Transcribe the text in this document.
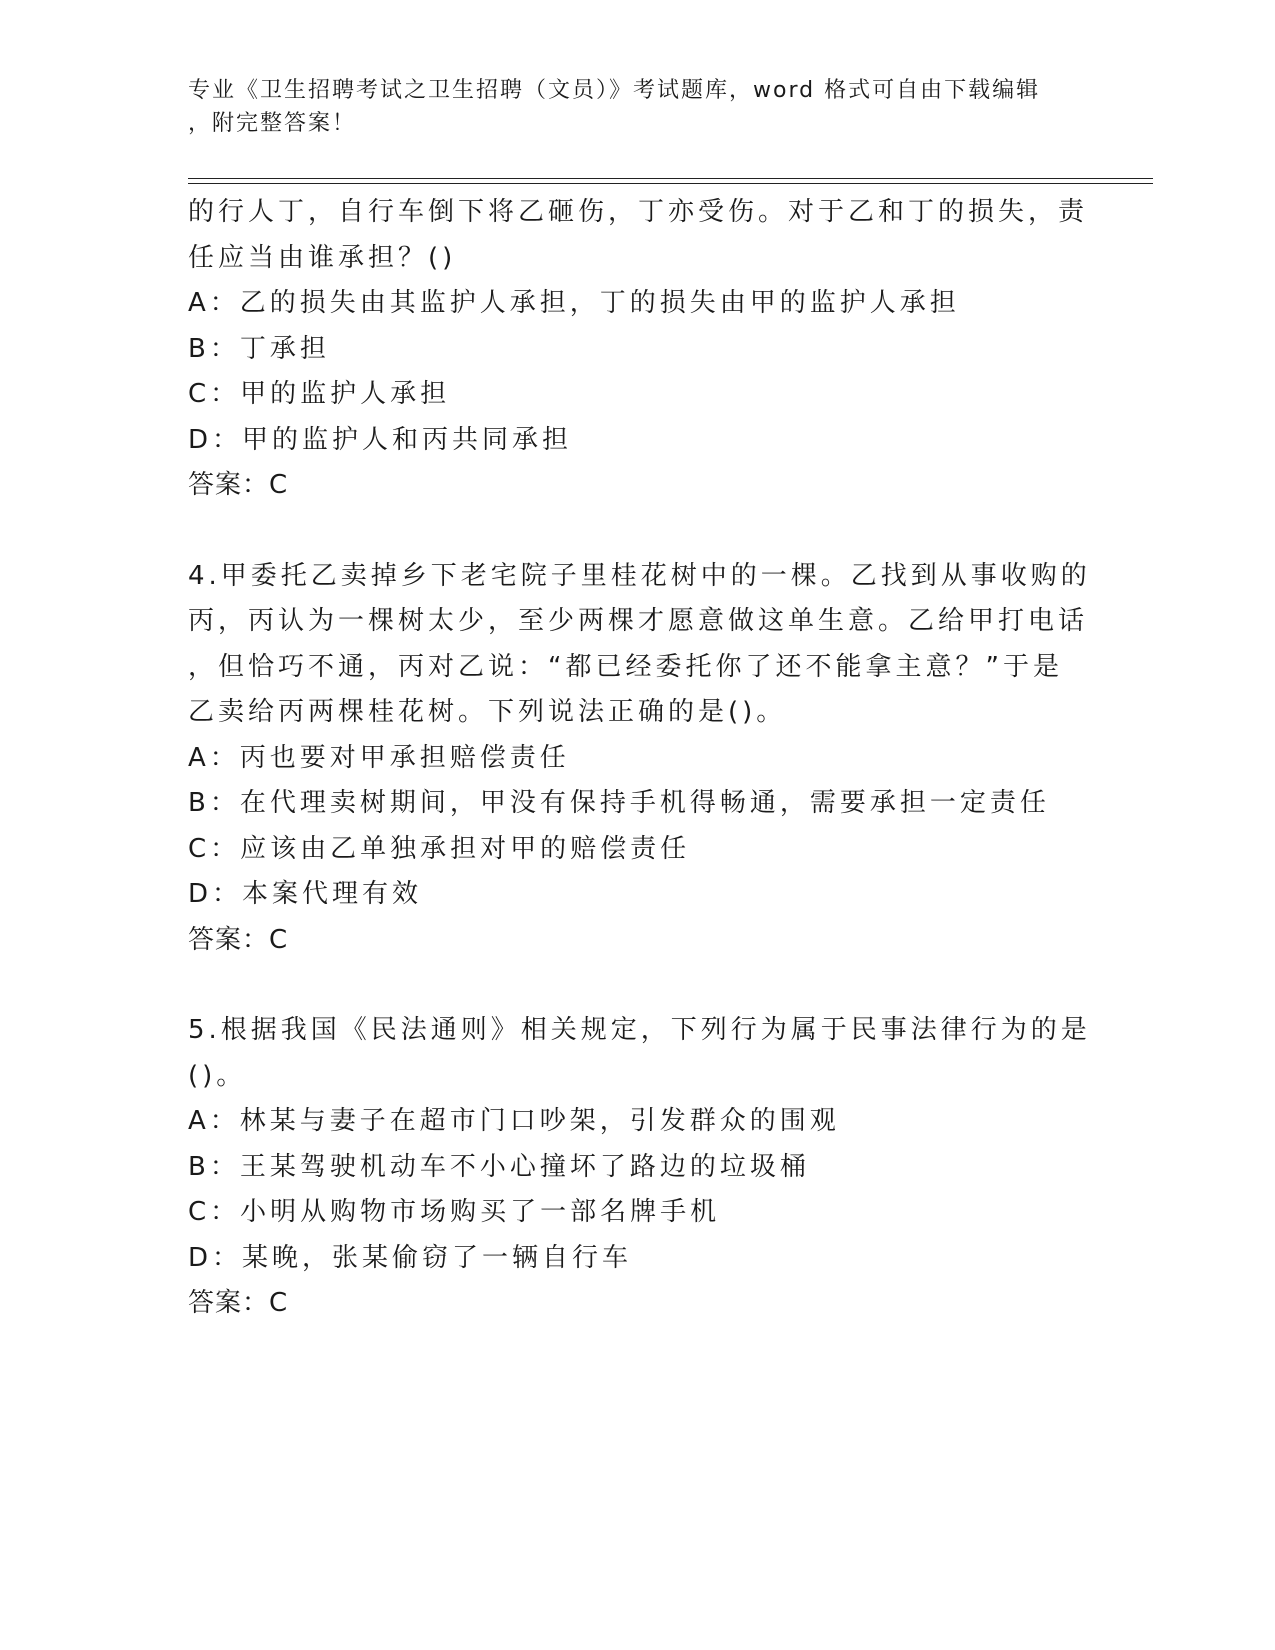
专业《卫生招聘考试之卫生招聘（文员）》考试题库，word 格式可自由下载编辑
，附完整答案！
的行人丁，自行车倒下将乙砸伤，丁亦受伤。对于乙和丁的损失，责
任应当由谁承担？()
A：乙的损失由其监护人承担，丁的损失由甲的监护人承担
B：丁承担
C：甲的监护人承担
D：甲的监护人和丙共同承担
答案：C
4.甲委托乙卖掉乡下老宅院子里桂花树中的一棵。乙找到从事收购的
丙，丙认为一棵树太少，至少两棵才愿意做这单生意。乙给甲打电话
，但恰巧不通，丙对乙说：“都已经委托你了还不能拿主意？”于是
乙卖给丙两棵桂花树。下列说法正确的是()。
A：丙也要对甲承担赔偿责任
B：在代理卖树期间，甲没有保持手机得畅通，需要承担一定责任
C：应该由乙单独承担对甲的赔偿责任
D：本案代理有效
答案：C
5.根据我国《民法通则》相关规定，下列行为属于民事法律行为的是
()。
A：林某与妻子在超市门口吵架，引发群众的围观
B：王某驾驶机动车不小心撞坏了路边的垃圾桶
C：小明从购物市场购买了一部名牌手机
D：某晚，张某偷窃了一辆自行车
答案：C
